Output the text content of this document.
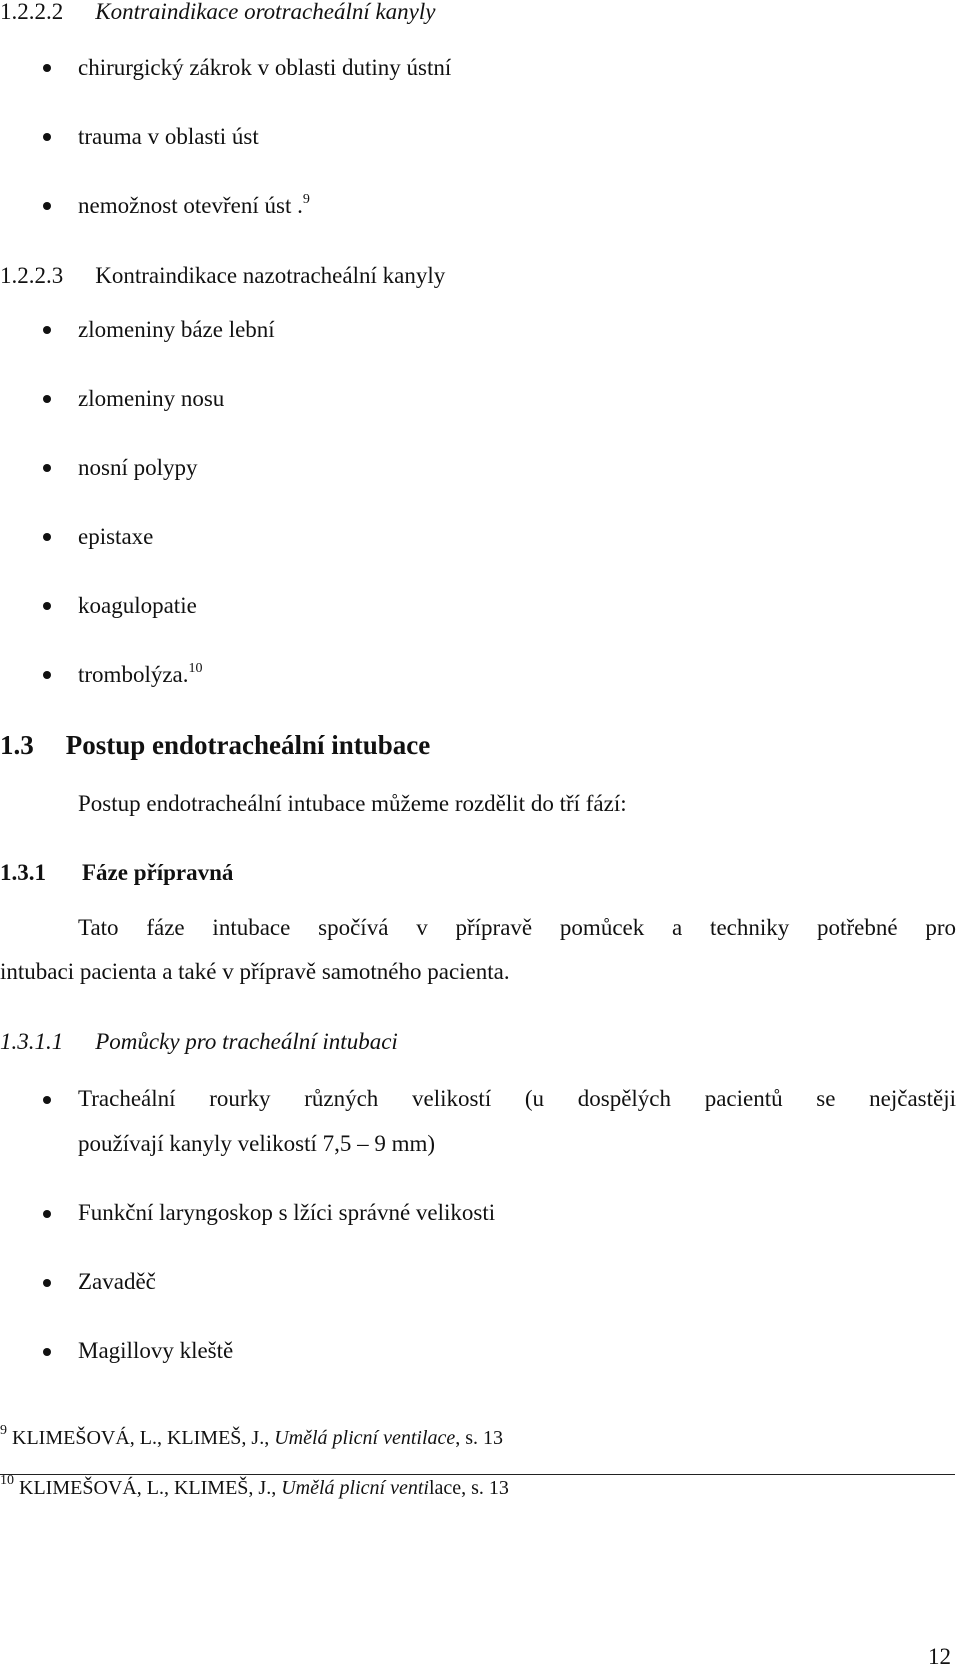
1.2.2.2 Kontraindikace orotracheální kanyly
chirurgický zákrok v oblasti dutiny ústní
trauma v oblasti úst
nemožnost otevření úst .$^9$
1.2.2.3 Kontraindikace nazotracheální kanyly
zlomeniny báze lební
zlomeniny nosu
nosní polypy
epistaxe
koagulopatie
trombolýza.$^{10}$
1.3 Postup endotracheální intubace
Postup endotracheální intubace můžeme rozdělit do tří fází:
1.3.1 Fáze přípravná
Tato fáze intubace spočívá v přípravě pomůcek a techniky potřebné pro
intubaci pacienta a také v přípravě samotného pacienta.
1.3.1.1 Pomůcky pro tracheální intubaci
Tracheální rourky různých velikostí (u dospělých pacientů se nejčastěji
používají kanyly velikostí 7,5 – 9 mm)
Funkční laryngoskop s lžíci správné velikosti
Zavaděč
Magillovy kleště
$^9$ KLIMEŠOVÁ, L., KLIMEŠ, J., Umělá plicní ventilace, s. 13
$^{10}$ KLIMEŠOVÁ, L., KLIMEŠ, J., Umělá plicní ventilace, s. 13
12
